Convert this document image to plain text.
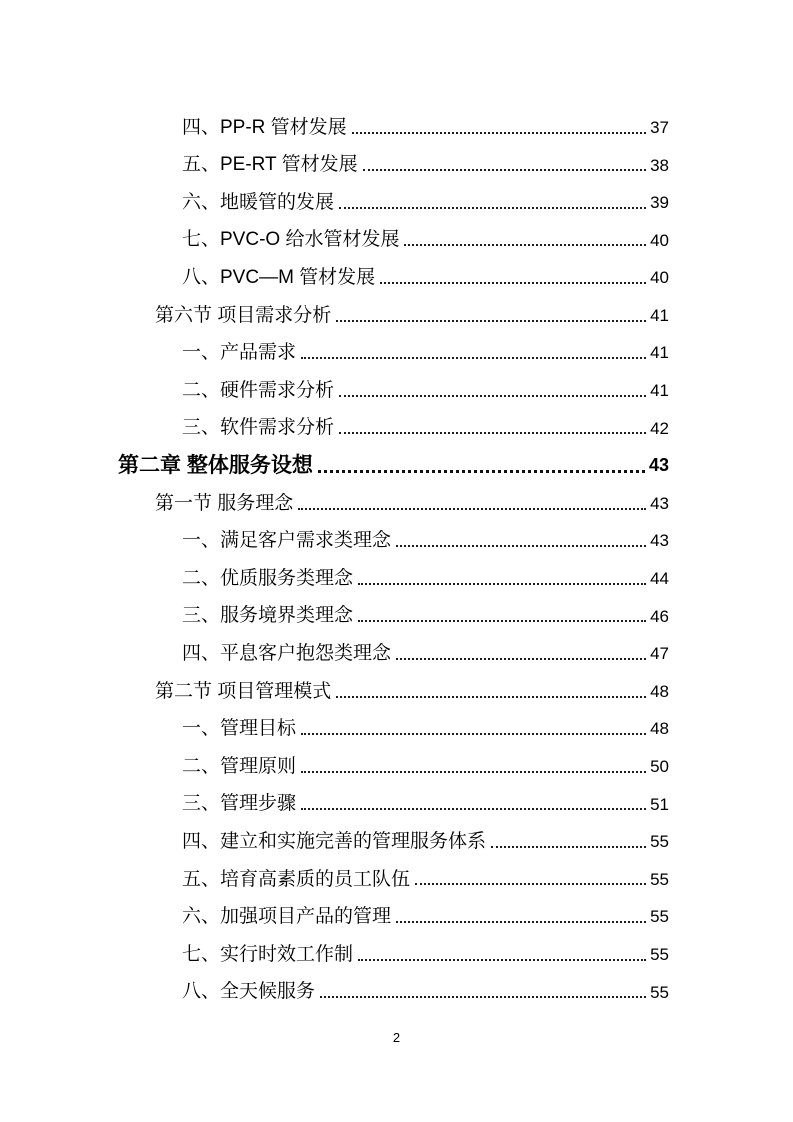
四、PP-R 管材发展	37
五、PE-RT 管材发展	38
六、地暖管的发展	39
七、PVC-O 给水管材发展	40
八、PVC—M 管材发展	40
第六节 项目需求分析	41
一、产品需求	41
二、硬件需求分析	41
三、软件需求分析	42
第二章 整体服务设想	43
第一节 服务理念	43
一、满足客户需求类理念	43
二、优质服务类理念	44
三、服务境界类理念	46
四、平息客户抱怨类理念	47
第二节 项目管理模式	48
一、管理目标	48
二、管理原则	50
三、管理步骤	51
四、建立和实施完善的管理服务体系	55
五、培育高素质的员工队伍	55
六、加强项目产品的管理	55
七、实行时效工作制	55
八、全天候服务	55
2
